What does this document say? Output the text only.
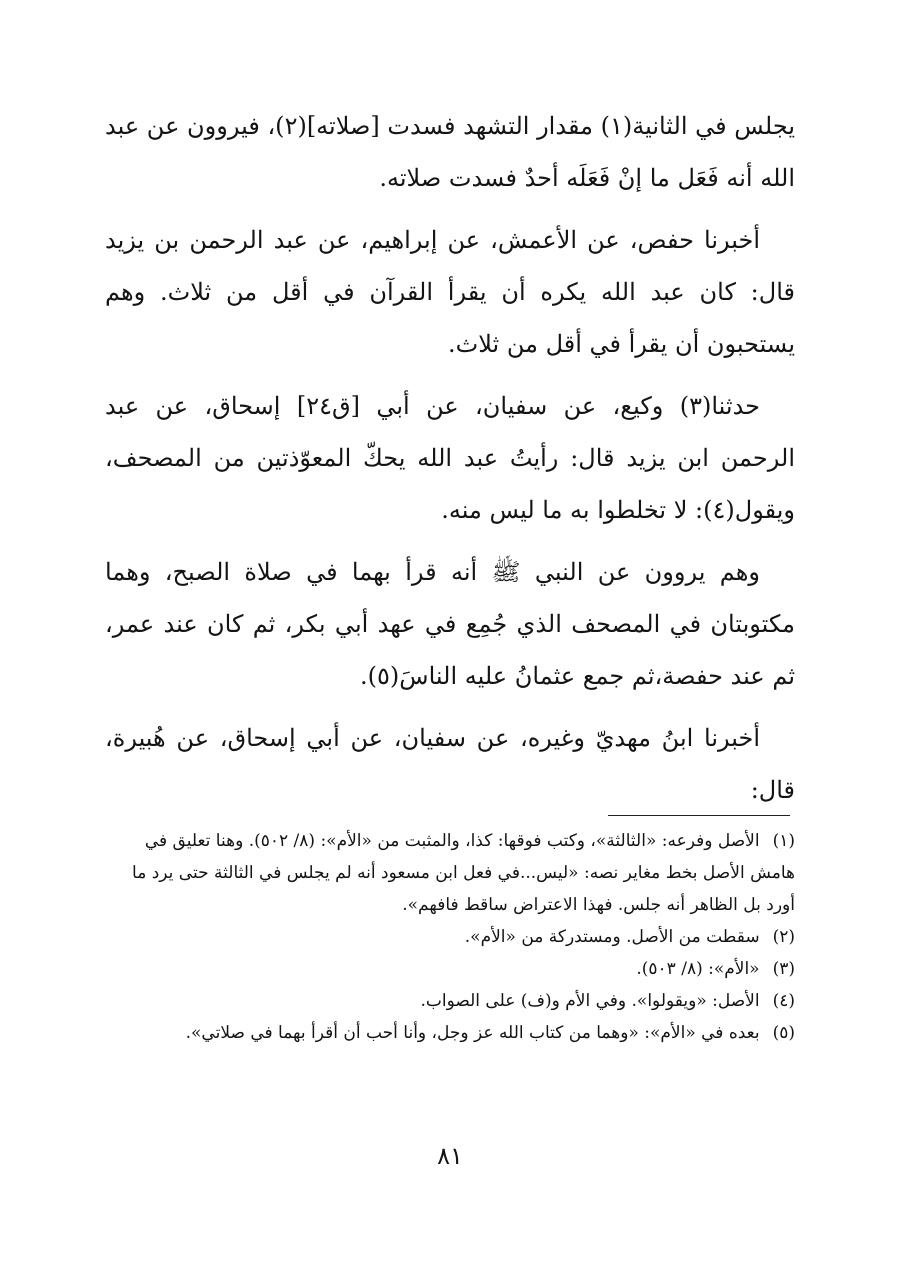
يجلس في الثانية(١) مقدار التشهد فسدت [صلاته](٢)، فيروون عن عبد الله أنه فَعَل ما إنْ فَعَلَه أحدٌ فسدت صلاته.

أخبرنا حفص، عن الأعمش، عن إبراهيم، عن عبد الرحمن بن يزيد قال: كان عبد الله يكره أن يقرأ القرآن في أقل من ثلاث. وهم يستحبون أن يقرأ في أقل من ثلاث.

حدثنا(٣) وكيع، عن سفيان، عن أبي [ق٢٤] إسحاق، عن عبد الرحمن ابن يزيد قال: رأيتُ عبد الله يحكّ المعوّذتين من المصحف، ويقول(٤): لا تخلطوا به ما ليس منه.

وهم يروون عن النبي ﷺ أنه قرأ بهما في صلاة الصبح، وهما مكتوبتان في المصحف الذي جُمِع في عهد أبي بكر، ثم كان عند عمر، ثم عند حفصة،ثم جمع عثمانُ عليه الناسَ(٥).

أخبرنا ابنُ مهديّ وغيره، عن سفيان، عن أبي إسحاق، عن هُبيرة، قال:

(١) الأصل وفرعه: «الثالثة»، وكتب فوقها: كذا، والمثبت من «الأم»: (٨/ ٥٠٢). وهنا تعليق في هامش الأصل بخط مغاير نصه: «ليس...في فعل ابن مسعود أنه لم يجلس في الثالثة حتى يرد ما أورد بل الظاهر أنه جلس. فهذا الاعتراض ساقط فافهم».

(٢) سقطت من الأصل. ومستدركة من «الأم».

(٣) «الأم»: (٨/ ٥٠٣).

(٤) الأصل: «ويقولوا». وفي الأم و(ف) على الصواب.

(٥) بعده في «الأم»: «وهما من كتاب الله عز وجل، وأنا أحب أن أقرأ بهما في صلاتي».

٨١
